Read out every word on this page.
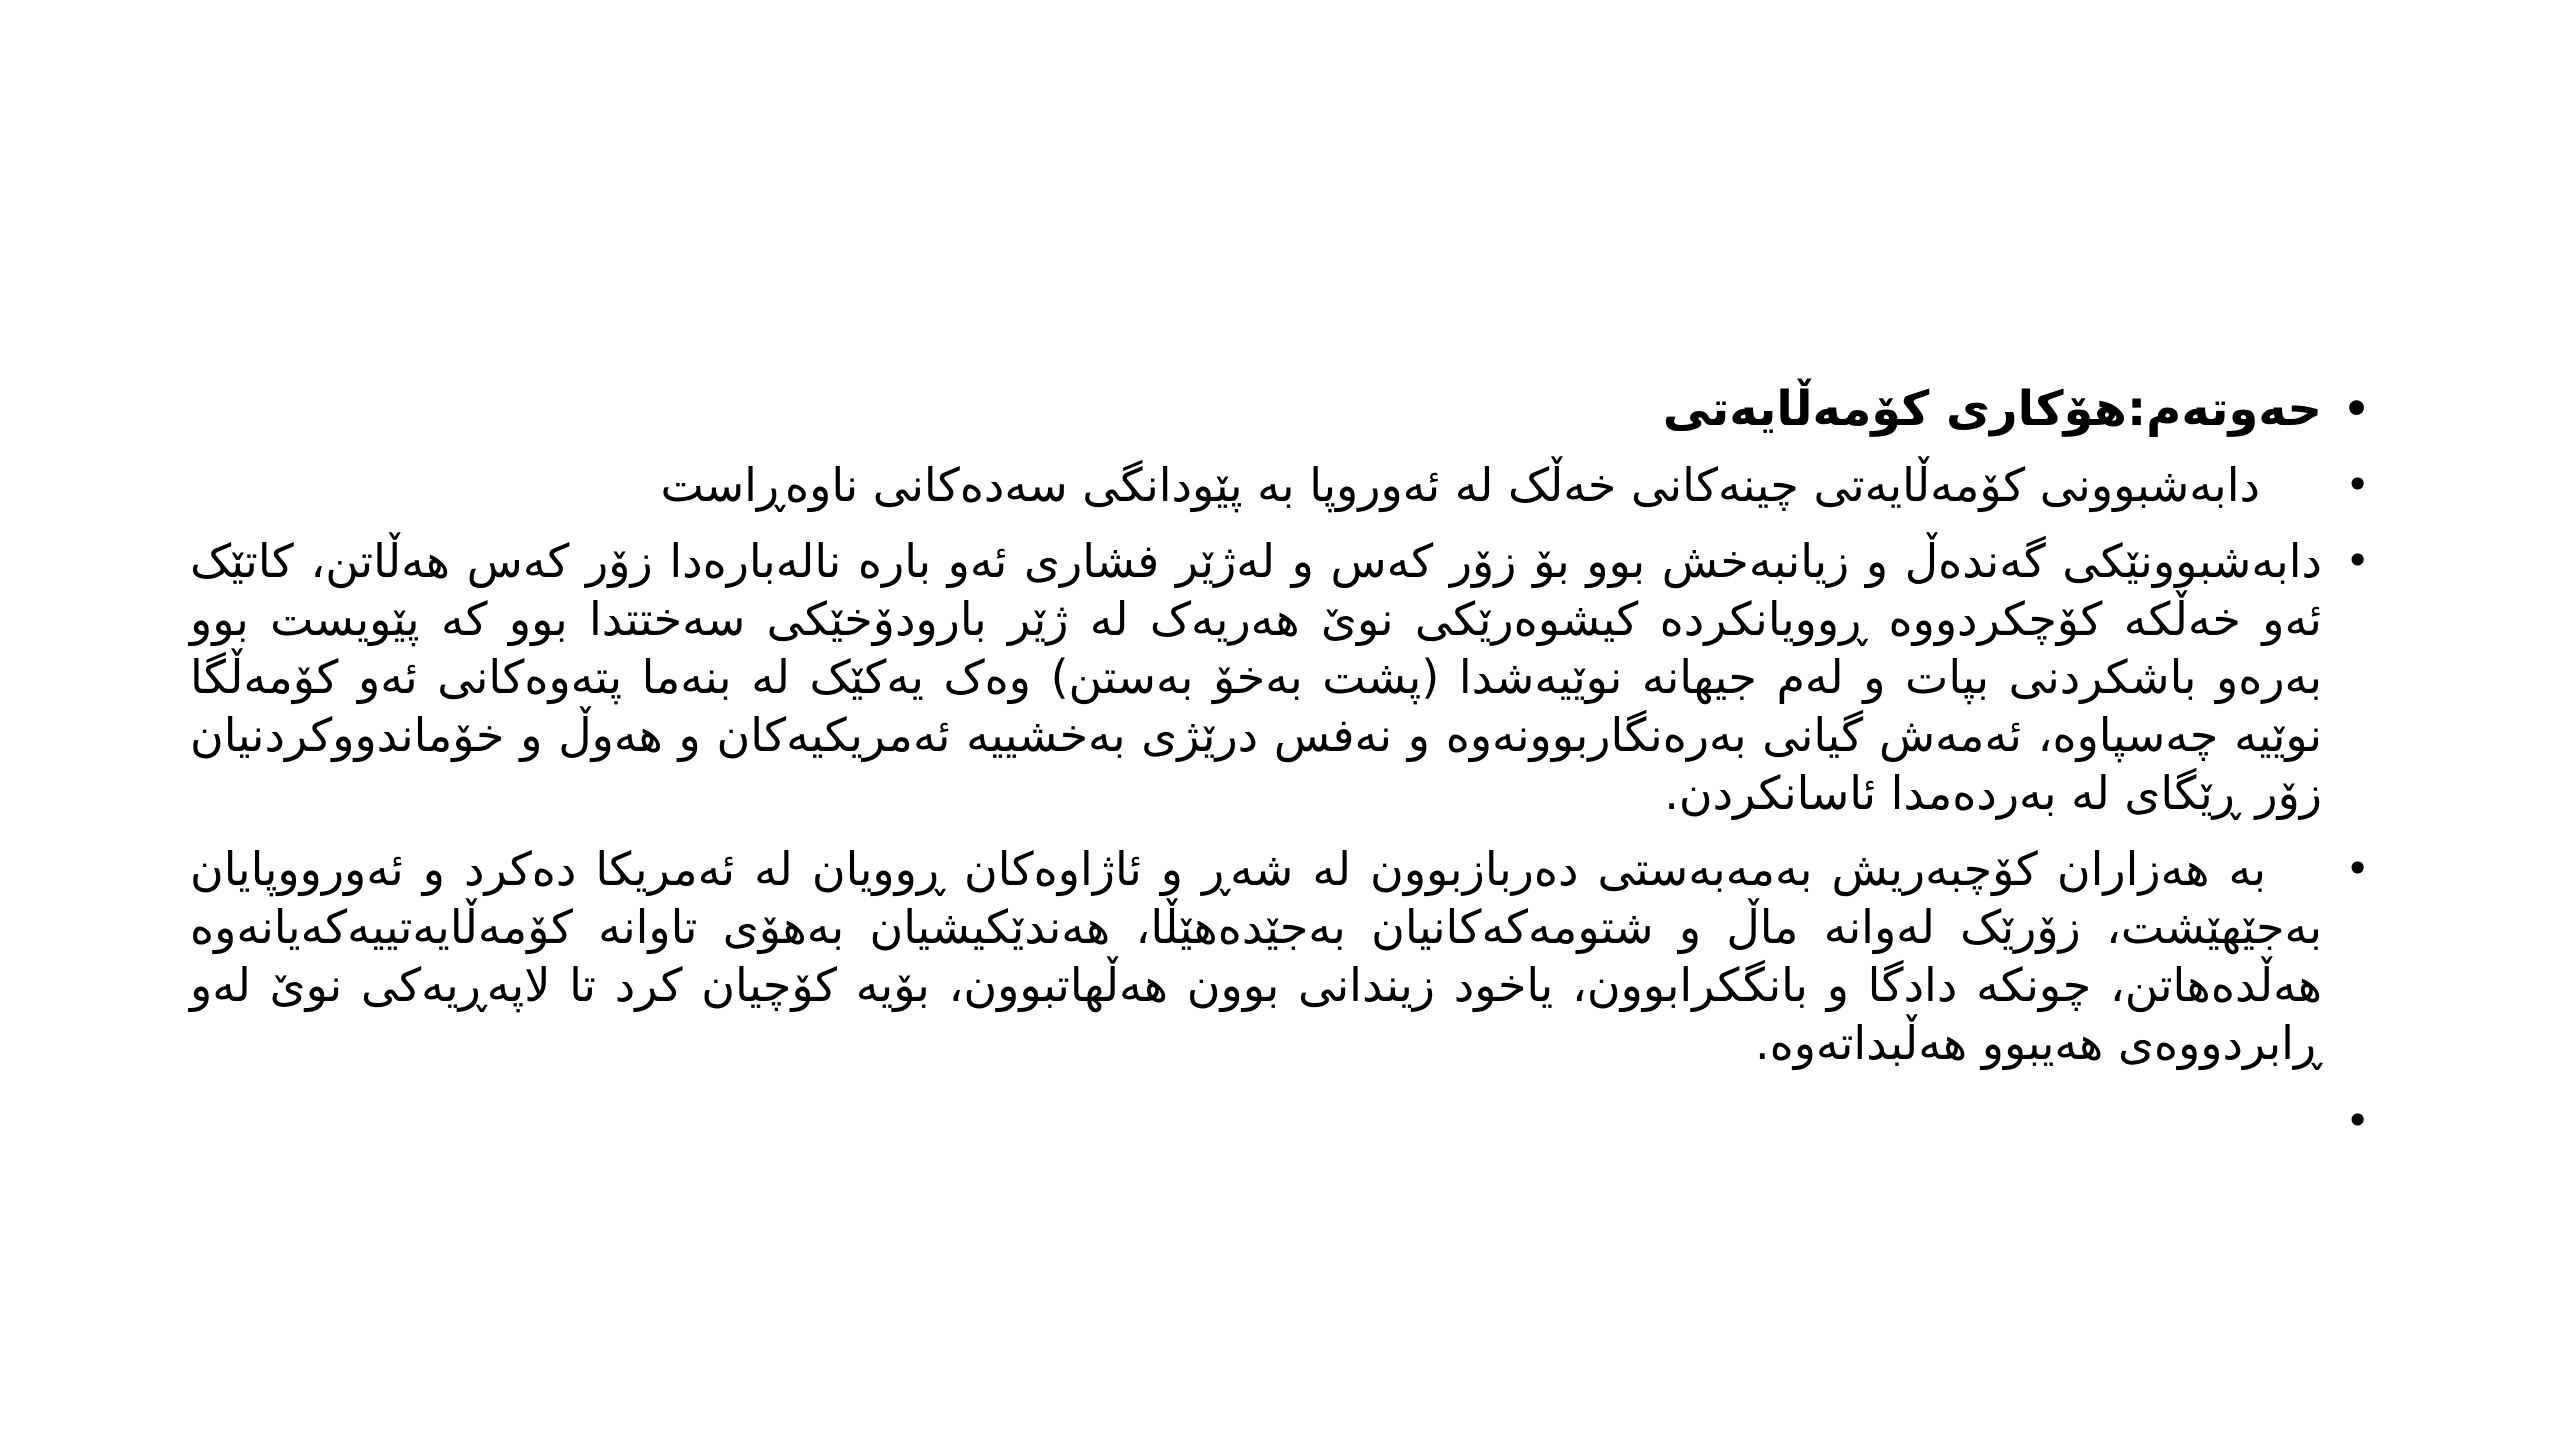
• حەوتەم:هۆکاری کۆمەڵایەتی
• دابەشبوونی کۆمەڵایەتی چینەکانی خەڵک لە ئەوروپا بە پێودانگی سەدەکانی ناوەڕاست
• دابەشبوونێکی گەندەڵ و زیانبەخش بوو بۆ زۆر کەس و لەژێر فشاری ئەو بارە نالەبارەدا زۆر کەس هەڵاتن، کاتێک ئەو خەڵکە کۆچکردووە ڕوویانکردە کیشوەرێکی نوێ هەریەک لە ژێر بارودۆخێکی سەختتدا بوو کە پێویست بوو بەرەو باشکردنی بپات و لەم جیهانە نوێیەشدا (پشت بەخۆ بەستن) وەک یەکێک لە بنەما پتەوەکانی ئەو کۆمەڵگا نوێیە چەسپاوە، ئەمەش گیانی بەرەنگاربوونەوە و نەفس درێژی بەخشییە ئەمریکیەکان و هەوڵ و خۆماندووکردنیان زۆر ڕێگای لە بەردەمدا ئاسانکردن.
• بە هەزاران کۆچبەریش بەمەبەستی دەربازبوون لە شەڕ و ئاژاوەکان ڕوویان لە ئەمریکا دەکرد و ئەورووپایان بەجێهێشت، زۆرێک لەوانە ماڵ و شتومەکەکانیان بەجێدەهێڵا، هەندێکیشیان بەهۆی تاوانە کۆمەڵایەتییەکەیانەوە هەڵدەهاتن، چونکە دادگا و بانگکرابوون، یاخود زیندانی بوون هەڵهاتبوون، بۆیە کۆچیان کرد تا لاپەڕیەکی نوێ لەو ڕابردووەی هەیبوو هەڵبداتەوە.
•
